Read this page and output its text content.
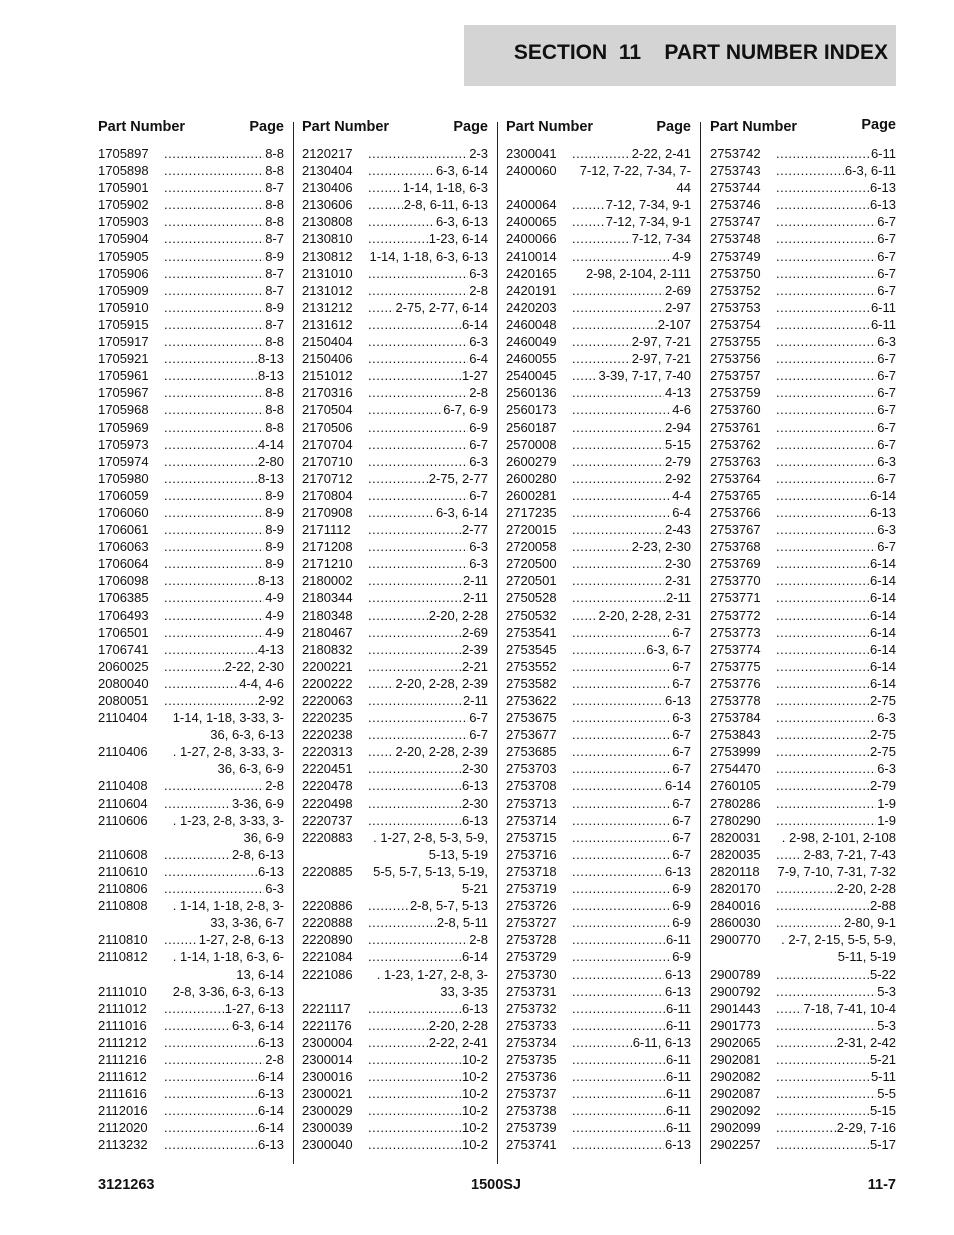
SECTION  11 PART NUMBER INDEX
Part Number	Page
1705897 .....	8-8
1705898 .....	8-8
1705901 .....	8-7
1705902 .....	8-8
1705903 .....	8-8
1705904 .....	8-7
1705905 .....	8-9
1705906 .....	8-7
1705909 .....	8-7
1705910 .....	8-9
1705915 .....	8-7
1705917 .....	8-8
1705921 .....	8-13
1705961 .....	8-13
1705967 .....	8-8
1705968 .....	8-8
1705969 .....	8-8
1705973 .....	4-14
1705974 .....	2-80
1705980 .....	8-13
1706059 .....	8-9
1706060 .....	8-9
1706061 .....	8-9
1706063 .....	8-9
1706064 .....	8-9
1706098 .....	8-13
1706385 .....	4-9
1706493 .....	4-9
1706501 .....	4-9
1706741 .....	4-13
2060025 .....	2-22, 2-30
2080040 .....	4-4, 4-6
2080051 .....	2-92
2110404	1-14, 1-18, 3-33, 3-36, 6-3, 6-13
2110406	. 1-27, 2-8, 3-33, 3-36, 6-3, 6-9
2110408 .....	2-8
2110604 .....	3-36, 6-9
2110606	. 1-23, 2-8, 3-33, 3-36, 6-9
2110608 .....	2-8, 6-13
2110610 .....	6-13
2110806 .....	6-3
2110808	. 1-14, 1-18, 2-8, 3-33, 3-36, 6-7
2110810 .....	1-27, 2-8, 6-13
2110812	. 1-14, 1-18, 6-3, 6-13, 6-14
2111010	2-8, 3-36, 6-3, 6-13
2111012 .....	1-27, 6-13
2111016 .....	6-3, 6-14
2111212 .....	6-13
2111216 .....	2-8
2111612 .....	6-14
2111616 .....	6-13
2112016 .....	6-14
2112020 .....	6-14
2113232 .....	6-13
Part Number	Page
2120217 .....	2-3
2130404 .....	6-3, 6-14
2130406 .....	1-14, 1-18, 6-3
2130606 .....	2-8, 6-11, 6-13
2130808 .....	6-3, 6-13
2130810 .....	1-23, 6-14
2130812	1-14, 1-18, 6-3, 6-13
2131010 .....	6-3
2131012 .....	2-8
2131212 .....	2-75, 2-77, 6-14
2131612 .....	6-14
2150404 .....	6-3
2150406 .....	6-4
2151012 .....	1-27
2170316 .....	2-8
2170504 .....	6-7, 6-9
2170506 .....	6-9
2170704 .....	6-7
2170710 .....	6-3
2170712 .....	2-75, 2-77
2170804 .....	6-7
2170908 .....	6-3, 6-14
2171112 .....	2-77
2171208 .....	6-3
2171210 .....	6-3
2180002 .....	2-11
2180344 .....	2-11
2180348 .....	2-20, 2-28
2180467 .....	2-69
2180832 .....	2-39
2200221 .....	2-21
2200222 .....	2-20, 2-28, 2-39
2220063 .....	2-11
2220235 .....	6-7
2220238 .....	6-7
2220313 .....	2-20, 2-28, 2-39
2220451 .....	2-30
2220478 .....	6-13
2220498 .....	2-30
2220737 .....	6-13
2220883	. 1-27, 2-8, 5-3, 5-9, 5-13, 5-19
2220885	5-5, 5-7, 5-13, 5-19, 5-21
2220886 .....	2-8, 5-7, 5-13
2220888 .....	2-8, 5-11
2220890 .....	2-8
2221084 .....	6-14
2221086	. 1-23, 1-27, 2-8, 3-33, 3-35
2221117 .....	6-13
2221176 .....	2-20, 2-28
2300004 .....	2-22, 2-41
2300014 .....	10-2
2300016 .....	10-2
2300021 .....	10-2
2300029 .....	10-2
2300039 .....	10-2
2300040 .....	10-2
Part Number	Page
2300041 .....	2-22, 2-41
2400060	7-12, 7-22, 7-34, 7-44
2400064 .....	7-12, 7-34, 9-1
2400065 .....	7-12, 7-34, 9-1
2400066 .....	7-12, 7-34
2410014 .....	4-9
2420165	2-98, 2-104, 2-111
2420191 .....	2-69
2420203 .....	2-97
2460048 .....	2-107
2460049 .....	2-97, 7-21
2460055 .....	2-97, 7-21
2540045 .....	3-39, 7-17, 7-40
2560136 .....	4-13
2560173 .....	4-6
2560187 .....	2-94
2570008 .....	5-15
2600279 .....	2-79
2600280 .....	2-92
2600281 .....	4-4
2717235 .....	6-4
2720015 .....	2-43
2720058 .....	2-23, 2-30
2720500 .....	2-30
2720501 .....	2-31
2750528 .....	2-11
2750532 .....	2-20, 2-28, 2-31
2753541 .....	6-7
2753545 .....	6-3, 6-7
2753552 .....	6-7
2753582 .....	6-7
2753622 .....	6-13
2753675 .....	6-3
2753677 .....	6-7
2753685 .....	6-7
2753703 .....	6-7
2753708 .....	6-14
2753713 .....	6-7
2753714 .....	6-7
2753715 .....	6-7
2753716 .....	6-7
2753718 .....	6-13
2753719 .....	6-9
2753726 .....	6-9
2753727 .....	6-9
2753728 .....	6-11
2753729 .....	6-9
2753730 .....	6-13
2753731 .....	6-13
2753732 .....	6-11
2753733 .....	6-11
2753734 .....	6-11, 6-13
2753735 .....	6-11
2753736 .....	6-11
2753737 .....	6-11
2753738 .....	6-11
2753739 .....	6-11
2753741 .....	6-13
Part Number	Page
2753742 .....	6-11
2753743 .....	6-3, 6-11
2753744 .....	6-13
2753746 .....	6-13
2753747 .....	6-7
2753748 .....	6-7
2753749 .....	6-7
2753750 .....	6-7
2753752 .....	6-7
2753753 .....	6-11
2753754 .....	6-11
2753755 .....	6-3
2753756 .....	6-7
2753757 .....	6-7
2753759 .....	6-7
2753760 .....	6-7
2753761 .....	6-7
2753762 .....	6-7
2753763 .....	6-3
2753764 .....	6-7
2753765 .....	6-14
2753766 .....	6-13
2753767 .....	6-3
2753768 .....	6-7
2753769 .....	6-14
2753770 .....	6-14
2753771 .....	6-14
2753772 .....	6-14
2753773 .....	6-14
2753774 .....	6-14
2753775 .....	6-14
2753776 .....	6-14
2753778 .....	2-75
2753784 .....	6-3
2753843 .....	2-75
2753999 .....	2-75
2754470 .....	6-3
2760105 .....	2-79
2780286 .....	1-9
2780290 .....	1-9
2820031	. 2-98, 2-101, 2-108
2820035 .....	2-83, 7-21, 7-43
2820118	7-9, 7-10, 7-31, 7-32
2820170 .....	2-20, 2-28
2840016 .....	2-88
2860030 .....	2-80, 9-1
2900770	. 2-7, 2-15, 5-5, 5-9, 5-11, 5-19
2900789 .....	5-22
2900792 .....	5-3
2901443 .....	7-18, 7-41, 10-4
2901773 .....	5-3
2902065 .....	2-31, 2-42
2902081 .....	5-21
2902082 .....	5-11
2902087 .....	5-5
2902092 .....	5-15
2902099 .....	2-29, 7-16
2902257 .....	5-17
3121263	1500SJ	11-7
